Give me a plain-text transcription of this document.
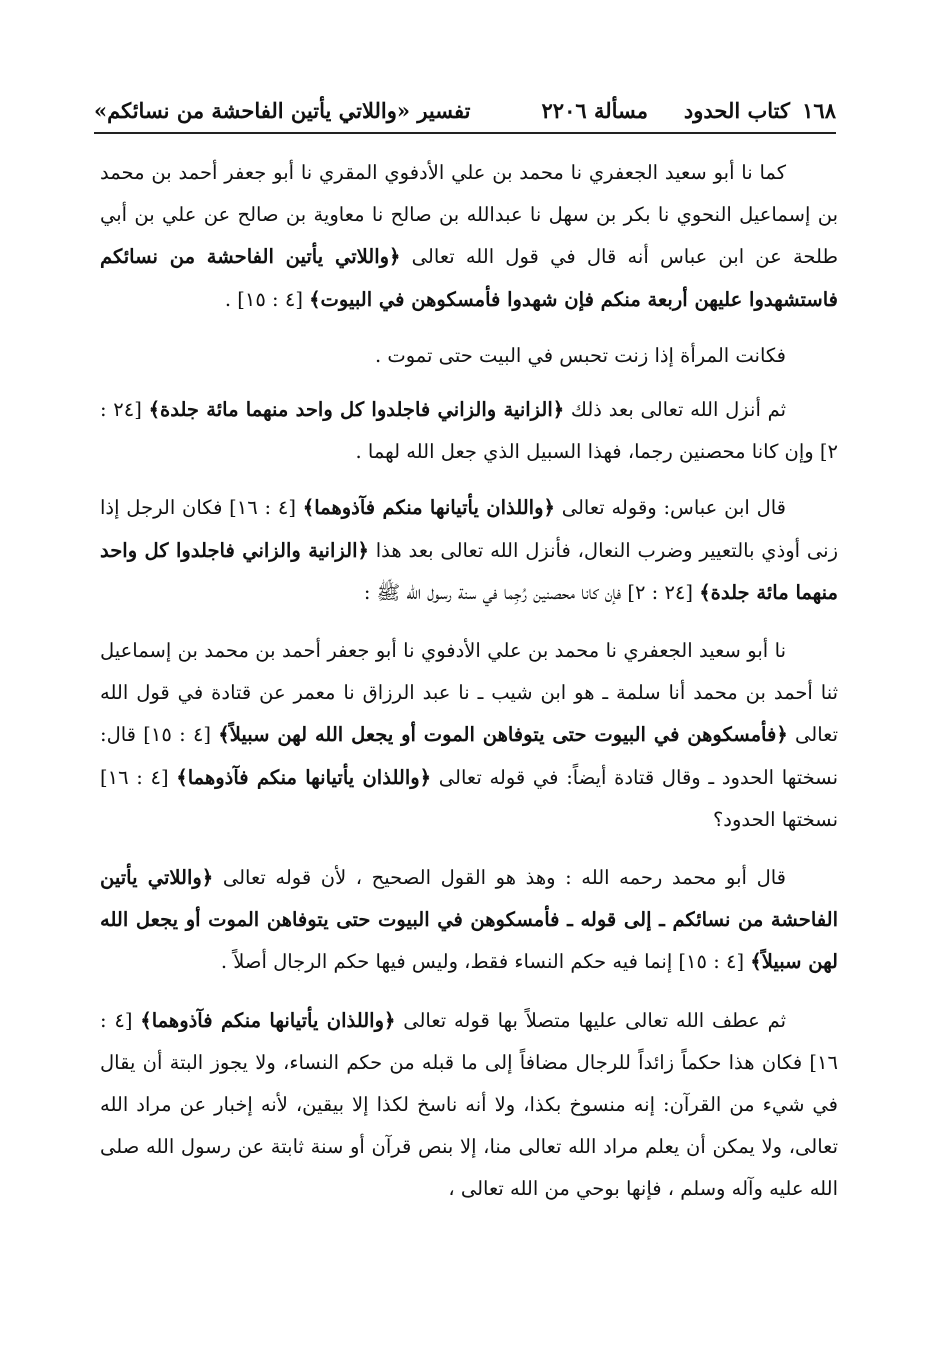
١٦٨
كتاب الحدود
مسألة ٢٢٠٦
تفسير «واللاتي يأتين الفاحشة من نسائكم»

كما نا أبو سعيد الجعفري نا محمد بن علي الأدفوي المقري نا أبو جعفر أحمد بن محمد بن إسماعيل النحوي نا بكر بن سهل نا عبدالله بن صالح نا معاوية بن صالح عن علي بن أبي طلحة عن ابن عباس أنه قال في قول الله تعالى ﴿واللاتي يأتين الفاحشة من نسائكم فاستشهدوا عليهن أربعة منكم فإن شهدوا فأمسكوهن في البيوت﴾ [٤ : ١٥] .

فكانت المرأة إذا زنت تحبس في البيت حتى تموت .

ثم أنزل الله تعالى بعد ذلك ﴿الزانية والزاني فاجلدوا كل واحد منهما مائة جلدة﴾ [٢٤ : ٢] وإن كانا محصنين رجما، فهذا السبيل الذي جعل الله لهما .

قال ابن عباس: وقوله تعالى ﴿واللذان يأتيانها منكم فآذوهما﴾ [٤ : ١٦] فكان الرجل إذا زنى أوذي بالتعيير وضرب النعال، فأنزل الله تعالى بعد هذا ﴿الزانية والزاني فاجلدوا كل واحد منهما مائة جلدة﴾ [٢٤ : ٢] فإن كانا محصنين رُجِما في سنة رسول الله ﷺ :

نا أبو سعيد الجعفري نا محمد بن علي الأدفوي نا أبو جعفر أحمد بن محمد بن إسماعيل ثنا أحمد بن محمد أنا سلمة ـ هو ابن شيب ـ نا عبد الرزاق نا معمر عن قتادة في قول الله تعالى ﴿فأمسكوهن في البيوت حتى يتوفاهن الموت أو يجعل الله لهن سبيلاً﴾ [٤ : ١٥] قال: نسختها الحدود ـ وقال قتادة أيضاً: في قوله تعالى ﴿واللذان يأتيانها منكم فآذوهما﴾ [٤ : ١٦] نسختها الحدود؟

قال أبو محمد رحمه الله : وهذ هو القول الصحيح ، لأن قوله تعالى ﴿واللاتي يأتين الفاحشة من نسائكم ـ إلى قوله ـ فأمسكوهن في البيوت حتى يتوفاهن الموت أو يجعل الله لهن سبيلاً﴾ [٤ : ١٥] إنما فيه حكم النساء فقط، وليس فيها حكم الرجال أصلاً .

ثم عطف الله تعالى عليها متصلاً بها قوله تعالى ﴿واللذان يأتيانها منكم فآذوهما﴾ [٤ : ١٦] فكان هذا حكماً زائداً للرجال مضافاً إلى ما قبله من حكم النساء، ولا يجوز البتة أن يقال في شيء من القرآن: إنه منسوخ بكذا، ولا أنه ناسخ لكذا إلا بيقين، لأنه إخبار عن مراد الله تعالى، ولا يمكن أن يعلم مراد الله تعالى منا، إلا بنص قرآن أو سنة ثابتة عن رسول الله صلى الله عليه وآله وسلم ، فإنها بوحي من الله تعالى ،
